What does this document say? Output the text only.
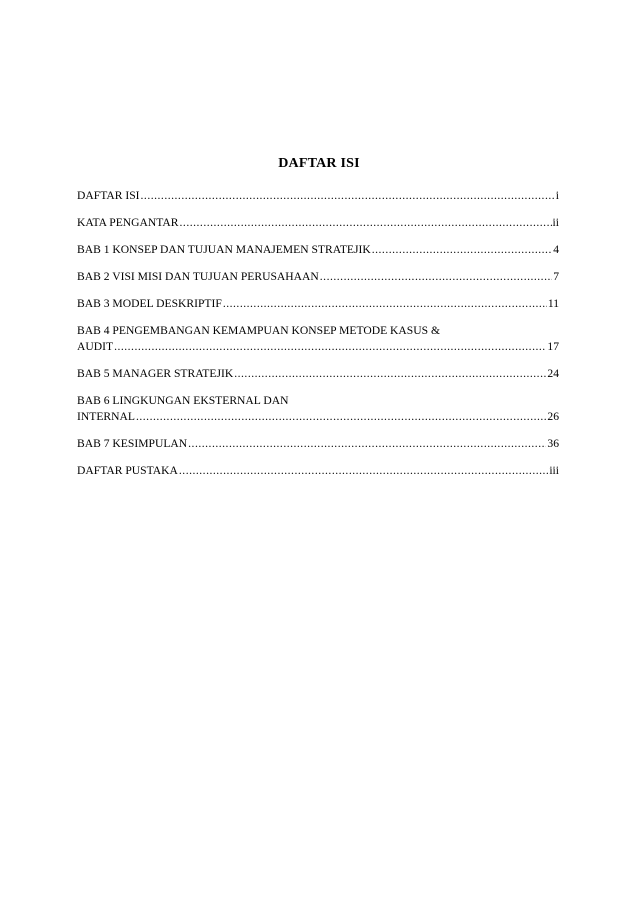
DAFTAR ISI
DAFTAR ISI .....	i
KATA PENGANTAR .....	ii
BAB 1 KONSEP DAN TUJUAN MANAJEMEN STRATEJIK .....	4
BAB 2 VISI MISI DAN TUJUAN PERUSAHAAN .....	7
BAB 3 MODEL DESKRIPTIF .....	11
BAB 4 PENGEMBANGAN KEMAMPUAN KONSEP METODE KASUS &
AUDIT .....	17
BAB 5 MANAGER STRATEJIK .....	24
BAB 6 LINGKUNGAN EKSTERNAL DAN
INTERNAL .....	26
BAB 7 KESIMPULAN .....	36
DAFTAR PUSTAKA .....	iii
